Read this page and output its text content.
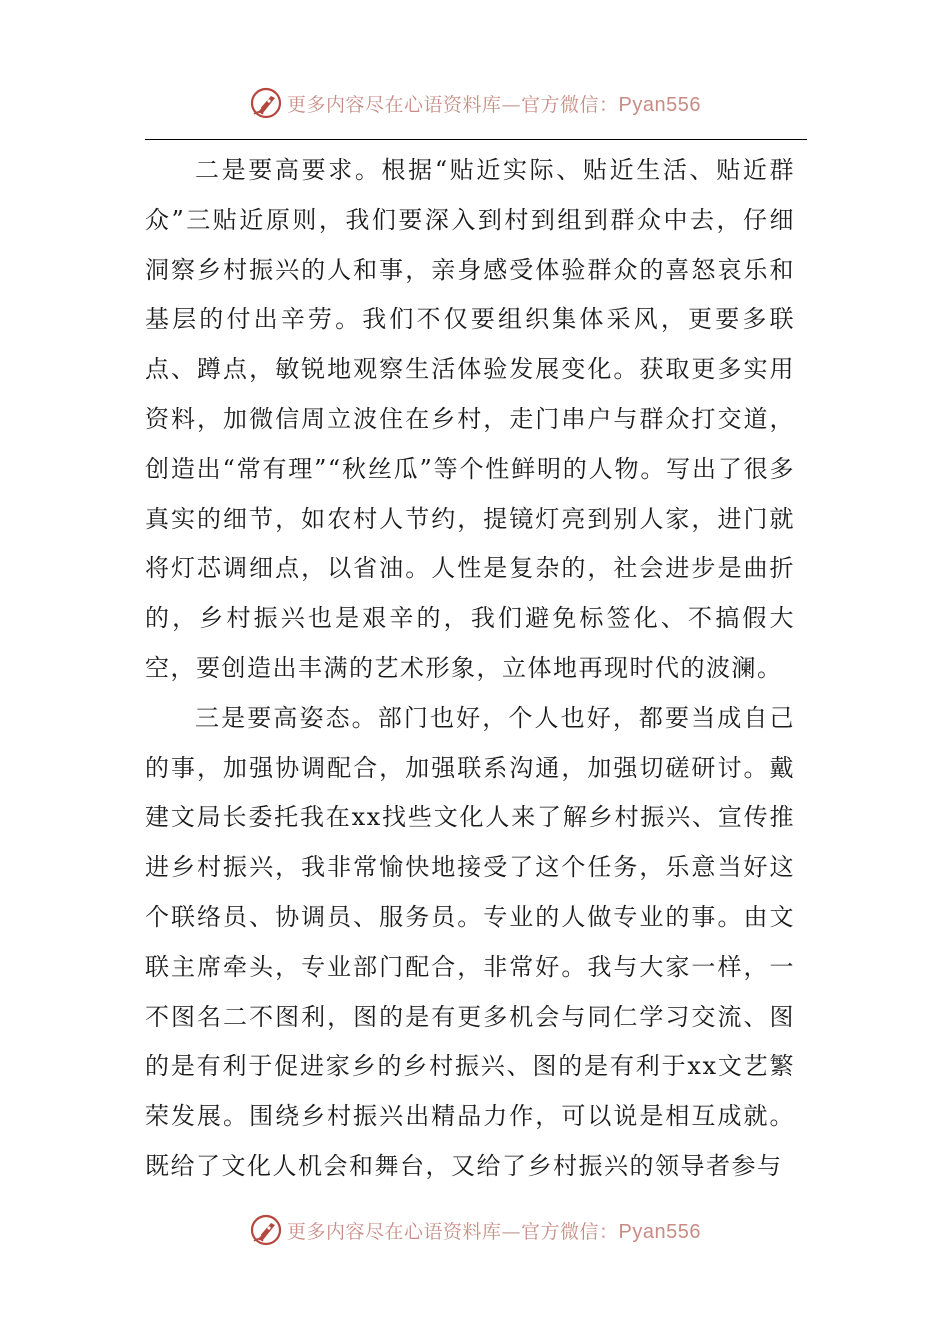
更多内容尽在心语资料库—官方微信：Pyan556

二是要高要求。根据“贴近实际、贴近生活、贴近群众”三贴近原则，我们要深入到村到组到群众中去，仔细洞察乡村振兴的人和事，亲身感受体验群众的喜怒哀乐和基层的付出辛劳。我们不仅要组织集体采风，更要多联点、蹲点，敏锐地观察生活体验发展变化。获取更多实用资料，加微信周立波住在乡村，走门串户与群众打交道，创造出“常有理”“秋丝瓜”等个性鲜明的人物。写出了很多真实的细节，如农村人节约，提镜灯亮到别人家，进门就将灯芯调细点，以省油。人性是复杂的，社会进步是曲折的，乡村振兴也是艰辛的，我们避免标签化、不搞假大空，要创造出丰满的艺术形象，立体地再现时代的波澜。

三是要高姿态。部门也好，个人也好，都要当成自己的事，加强协调配合，加强联系沟通，加强切磋研讨。戴建文局长委托我在xx找些文化人来了解乡村振兴、宣传推进乡村振兴，我非常愉快地接受了这个任务，乐意当好这个联络员、协调员、服务员。专业的人做专业的事。由文联主席牵头，专业部门配合，非常好。我与大家一样，一不图名二不图利，图的是有更多机会与同仁学习交流、图的是有利于促进家乡的乡村振兴、图的是有利于xx文艺繁荣发展。围绕乡村振兴出精品力作，可以说是相互成就。既给了文化人机会和舞台，又给了乡村振兴的领导者参与

更多内容尽在心语资料库—官方微信：Pyan556
